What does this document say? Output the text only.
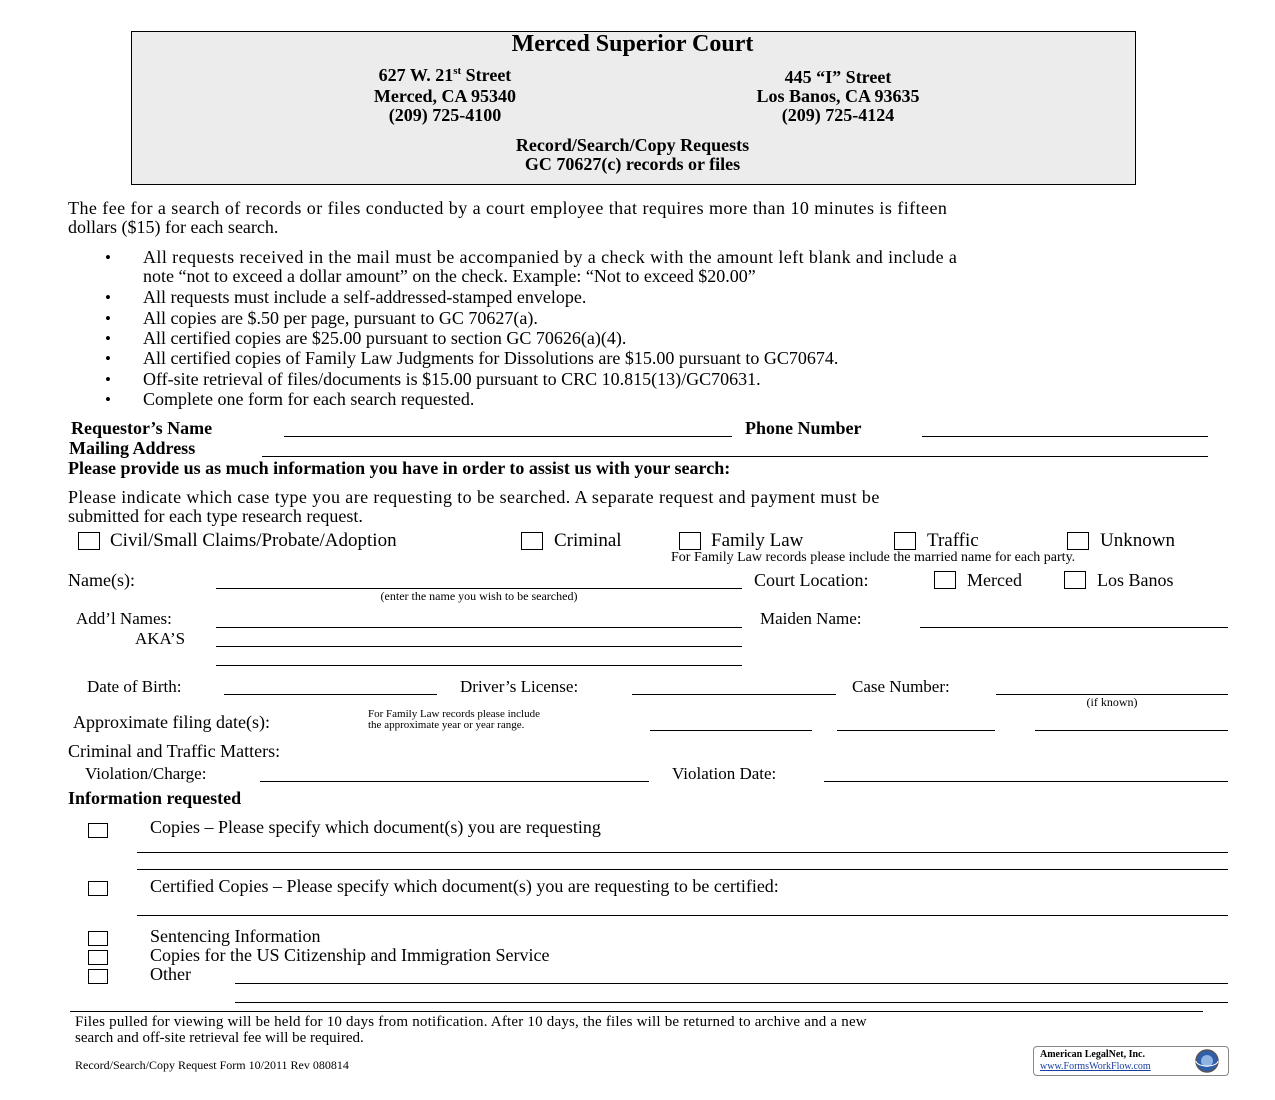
Merced Superior Court
627 W. 21st Street
Merced, CA 95340
(209) 725-4100
445 “I” Street
Los Banos, CA 93635
(209) 725-4124
Record/Search/Copy Requests
GC 70627(c) records or files
The fee for a search of records or files conducted by a court employee that requires more than 10 minutes is fifteen
dollars ($15) for each search.
• All requests received in the mail must be accompanied by a check with the amount left blank and include a
note “not to exceed a dollar amount” on the check. Example: “Not to exceed $20.00”
• All requests must include a self-addressed-stamped envelope.
• All copies are $.50 per page, pursuant to GC 70627(a).
• All certified copies are $25.00 pursuant to section GC 70626(a)(4).
• All certified copies of Family Law Judgments for Dissolutions are $15.00 pursuant to GC70674.
• Off-site retrieval of files/documents is $15.00 pursuant to CRC 10.815(13)/GC70631.
• Complete one form for each search requested.
Requestor’s Name	Phone Number
Mailing Address
Please provide us as much information you have in order to assist us with your search:
Please indicate which case type you are requesting to be searched. A separate request and payment must be
submitted for each type research request.
Civil/Small Claims/Probate/Adoption	Criminal	Family Law	Traffic	Unknown
For Family Law records please include the married name for each party.
Name(s):
(enter the name you wish to be searched)
Court Location:	Merced	Los Banos
Add’l Names:	Maiden Name:
AKA’S
Date of Birth:	Driver’s License:	Case Number:
(if known)
Approximate filing date(s):	For Family Law records please include
the approximate year or year range.
Criminal and Traffic Matters:
Violation/Charge:	Violation Date:
Information requested
Copies – Please specify which document(s) you are requesting
Certified Copies – Please specify which document(s) you are requesting to be certified:
Sentencing Information
Copies for the US Citizenship and Immigration Service
Other
Files pulled for viewing will be held for 10 days from notification. After 10 days, the files will be returned to archive and a new
search and off-site retrieval fee will be required.
Record/Search/Copy Request Form 10/2011 Rev 080814
American LegalNet, Inc.
www.FormsWorkFlow.com
